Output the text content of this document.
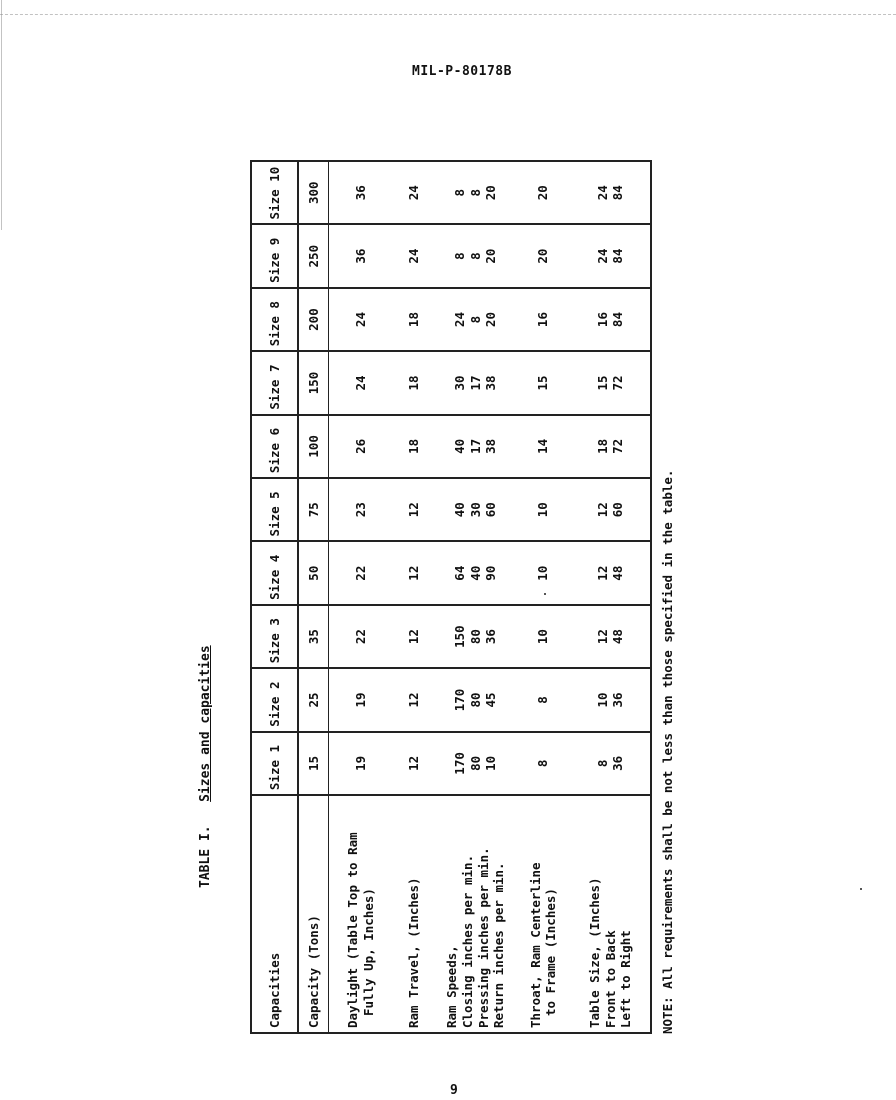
MIL-P-80178B
Capacities	Size 1	Size 2	Size 3	Size 4	Size 5	Size 6	Size 7	Size 8	Size 9	Size 10

Capacity (Tons)	15	25	35	50	75	100	150	200	250	300

Daylight (Table Top to Ram Fully Up, Inches)	19	19	22	22	23	26	24	24	36	36

Ram Travel, (Inches)	12	12	12	12	12	18	18	18	24	24

Ram Speeds, Closing inches per min. Pressing inches per min. Return inches per min.	170 80 10	170 80 45	150 80 36	64 40 90	40 30 60	40 17 38	30 17 38	24 8 20	8 8 20	8 8 20

Throat, Ram Centerline to Frame (Inches)	8	8	10	10	10	14	15	16	20	20

Table Size, (Inches) Front to Back Left to Right	8 36	10 36	12 48	12 48	12 60	18 72	15 72	16 84	24 84	24 84
NOTE: All requirements shall be not less than those specified in the table.
TABLE I.   Sizes and capacities
9
